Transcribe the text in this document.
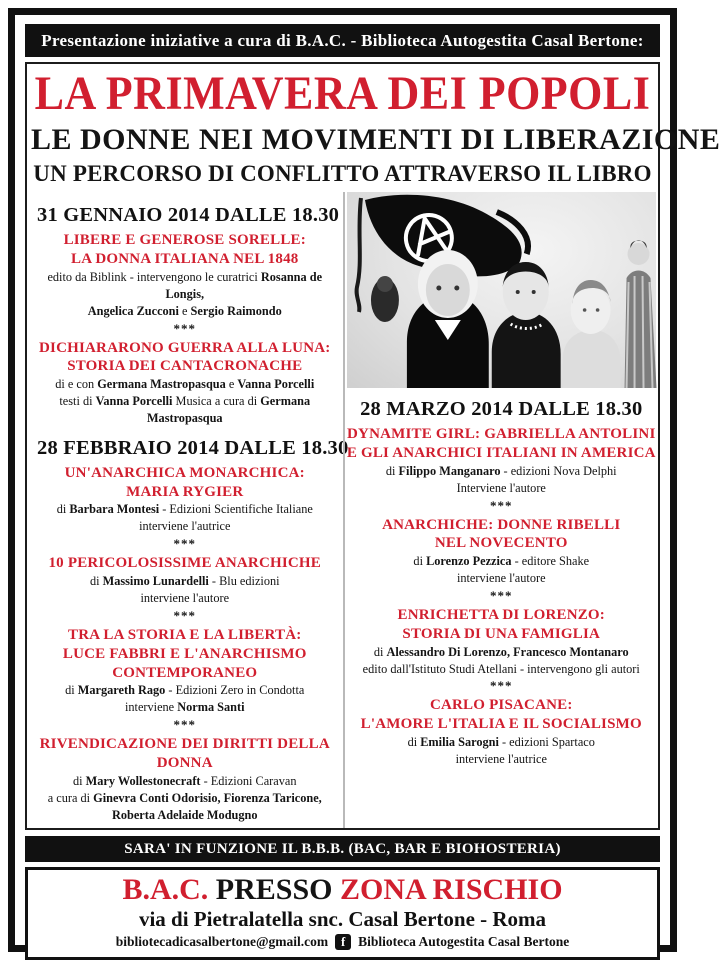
Presentazione iniziative a cura di B.A.C. - Biblioteca Autogestita Casal Bertone:
LA PRIMAVERA DEI POPOLI
LE DONNE NEI MOVIMENTI DI LIBERAZIONE
UN PERCORSO DI CONFLITTO ATTRAVERSO IL LIBRO
31 GENNAIO 2014 DALLE 18.30
LIBERE E GENEROSE SORELLE:
LA DONNA ITALIANA NEL 1848
edito da Biblink - intervengono le curatrici Rosanna de Longis,
Angelica Zucconi e Sergio Raimondo
***
DICHIARARONO GUERRA ALLA LUNA:
STORIA DEI CANTACRONACHE
di e con Germana Mastropasqua e Vanna Porcelli
testi di Vanna Porcelli Musica a cura di Germana Mastropasqua
28 FEBBRAIO 2014 DALLE 18.30
UN'ANARCHICA MONARCHICA:
MARIA RYGIER
di Barbara Montesi - Edizioni Scientifiche Italiane
interviene l'autrice
***
10 PERICOLOSISSIME ANARCHICHE
di Massimo Lunardelli - Blu edizioni
interviene l'autore
***
TRA LA STORIA E LA LIBERTÀ:
LUCE FABBRI E L'ANARCHISMO CONTEMPORANEO
di Margareth Rago - Edizioni Zero in Condotta
interviene Norma Santi
***
RIVENDICAZIONE DEI DIRITTI DELLA DONNA
di Mary Wollestonecraft - Edizioni Caravan
a cura di Ginevra Conti Odorisio, Fiorenza Taricone,
Roberta Adelaide Modugno
28 MARZO 2014 DALLE 18.30
DYNAMITE GIRL: GABRIELLA ANTOLINI
E GLI ANARCHICI ITALIANI IN AMERICA
di Filippo Manganaro - edizioni Nova Delphi
Interviene l'autore
***
ANARCHICHE: DONNE RIBELLI
NEL NOVECENTO
di Lorenzo Pezzica - editore Shake
interviene l'autore
***
ENRICHETTA DI LORENZO:
STORIA DI UNA FAMIGLIA
di Alessandro Di Lorenzo, Francesco Montanaro
edito dall'Istituto Studi Atellani - intervengono gli autori
***
CARLO PISACANE:
L'AMORE L'ITALIA E IL SOCIALISMO
di Emilia Sarogni - edizioni Spartaco
interviene l'autrice
SARA' IN FUNZIONE IL B.B.B. (BAC, BAR E BIOHOSTERIA)
B.A.C. PRESSO ZONA RISCHIO
via di Pietralatella snc. Casal Bertone - Roma
bibliotecadicasalbertone@gmail.com f Biblioteca Autogestita Casal Bertone
